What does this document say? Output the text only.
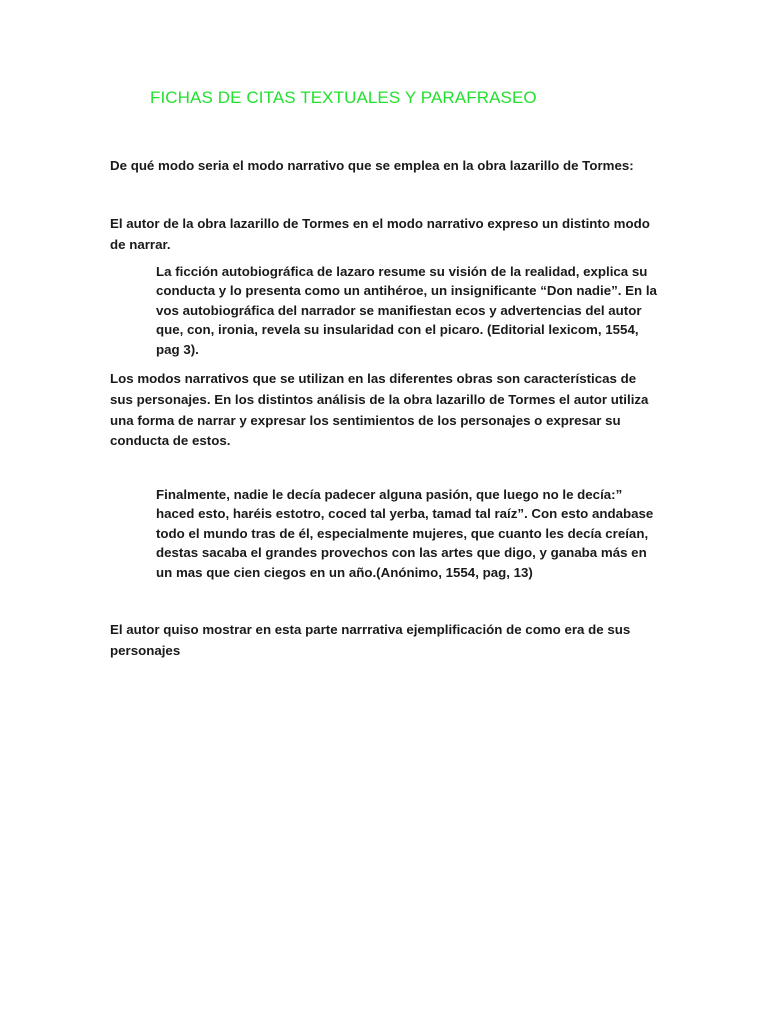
FICHAS DE CITAS TEXTUALES Y PARAFRASEO

De qué modo seria el modo narrativo que se emplea en la obra lazarillo de Tormes:

El autor de la obra lazarillo de Tormes en el modo narrativo expreso un distinto modo de narrar.

La ficción autobiográfica de lazaro resume su visión de la realidad, explica su conducta y lo presenta como un antihéroe, un insignificante “Don nadie”. En la vos autobiográfica del narrador se manifiestan ecos y advertencias del autor que, con, ironia, revela su insularidad con el picaro. (Editorial lexicom, 1554, pag 3).

Los modos narrativos que se utilizan en las diferentes obras son características de sus personajes. En los distintos análisis de la obra lazarillo de Tormes el autor utiliza una forma de narrar y expresar los sentimientos de los personajes o expresar su conducta de estos.

Finalmente, nadie le decía padecer alguna pasión, que luego no le decía:” haced esto, haréis estotro, coced tal yerba, tamad tal raíz”. Con esto andabase todo el mundo tras de él, especialmente mujeres, que cuanto les decía creían, destas sacaba el grandes provechos con las artes que digo, y ganaba más en un mas que cien ciegos en un año.(Anónimo, 1554, pag, 13)

El autor quiso mostrar en esta parte narrrativa ejemplificación de como era de sus personajes
